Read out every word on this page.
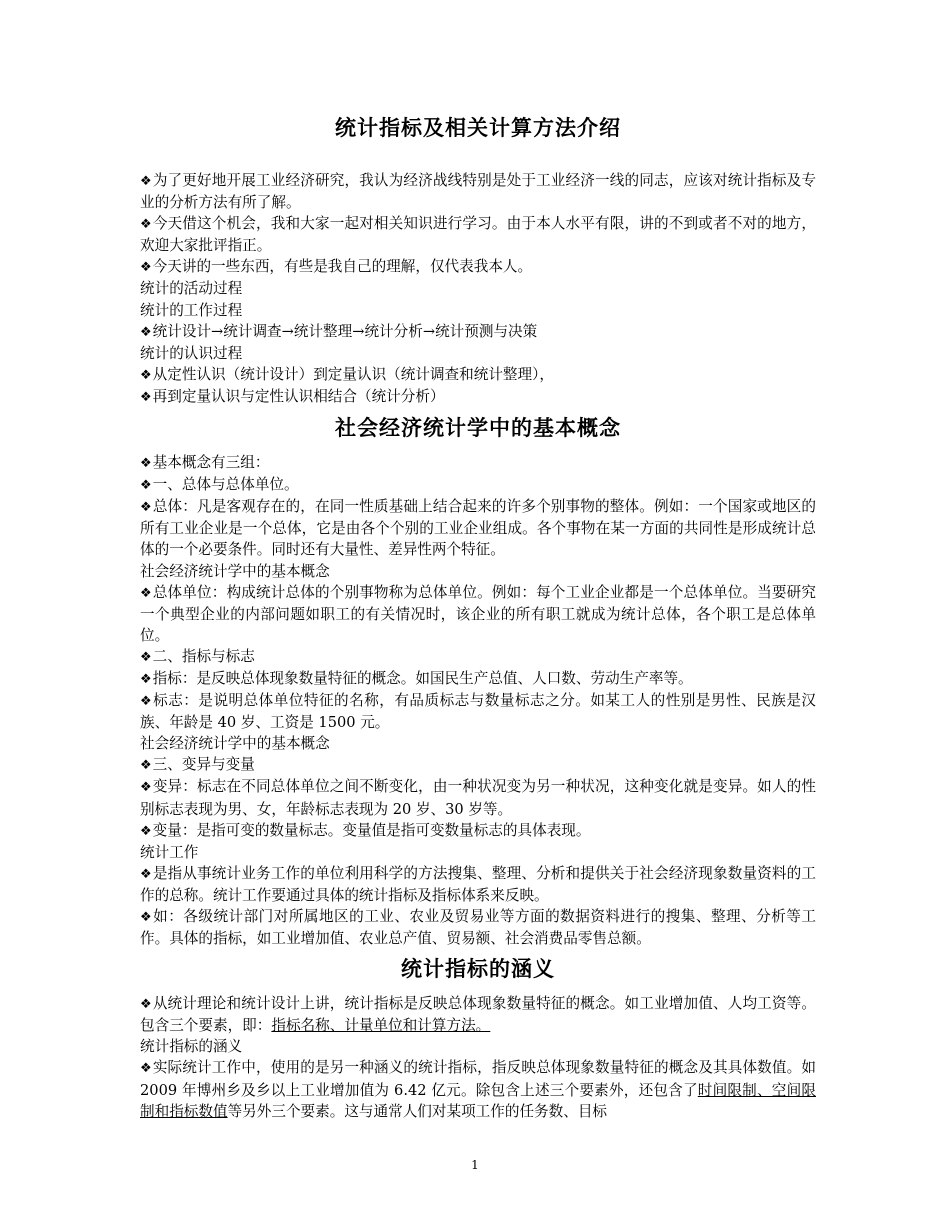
统计指标及相关计算方法介绍
❖为了更好地开展工业经济研究，我认为经济战线特别是处于工业经济一线的同志，应该对统计指标及专业的分析方法有所了解。
❖今天借这个机会，我和大家一起对相关知识进行学习。由于本人水平有限，讲的不到或者不对的地方，欢迎大家批评指正。
❖今天讲的一些东西，有些是我自己的理解，仅代表我本人。
统计的活动过程
统计的工作过程
❖统计设计→统计调查→统计整理→统计分析→统计预测与决策
统计的认识过程
❖从定性认识（统计设计）到定量认识（统计调查和统计整理），
❖再到定量认识与定性认识相结合（统计分析）
社会经济统计学中的基本概念
❖基本概念有三组：
❖一、总体与总体单位。
❖总体：凡是客观存在的，在同一性质基础上结合起来的许多个别事物的整体。例如：一个国家或地区的所有工业企业是一个总体，它是由各个个别的工业企业组成。各个事物在某一方面的共同性是形成统计总体的一个必要条件。同时还有大量性、差异性两个特征。
社会经济统计学中的基本概念
❖总体单位：构成统计总体的个别事物称为总体单位。例如：每个工业企业都是一个总体单位。当要研究一个典型企业的内部问题如职工的有关情况时，该企业的所有职工就成为统计总体，各个职工是总体单位。
❖二、指标与标志
❖指标：是反映总体现象数量特征的概念。如国民生产总值、人口数、劳动生产率等。
❖标志：是说明总体单位特征的名称，有品质标志与数量标志之分。如某工人的性别是男性、民族是汉族、年龄是 40 岁、工资是 1500 元。
社会经济统计学中的基本概念
❖三、变异与变量
❖变异：标志在不同总体单位之间不断变化，由一种状况变为另一种状况，这种变化就是变异。如人的性别标志表现为男、女，年龄标志表现为 20 岁、30 岁等。
❖变量：是指可变的数量标志。变量值是指可变数量标志的具体表现。
统计工作
❖是指从事统计业务工作的单位利用科学的方法搜集、整理、分析和提供关于社会经济现象数量资料的工作的总称。统计工作要通过具体的统计指标及指标体系来反映。
❖如：各级统计部门对所属地区的工业、农业及贸易业等方面的数据资料进行的搜集、整理、分析等工作。具体的指标，如工业增加值、农业总产值、贸易额、社会消费品零售总额。
统计指标的涵义
❖从统计理论和统计设计上讲，统计指标是反映总体现象数量特征的概念。如工业增加值、人均工资等。包含三个要素，即：指标名称、计量单位和计算方法。
统计指标的涵义
❖实际统计工作中，使用的是另一种涵义的统计指标，指反映总体现象数量特征的概念及其具体数值。如 2009 年博州乡及乡以上工业增加值为 6.42 亿元。除包含上述三个要素外，还包含了时间限制、空间限制和指标数值等另外三个要素。这与通常人们对某项工作的任务数、目标
1
